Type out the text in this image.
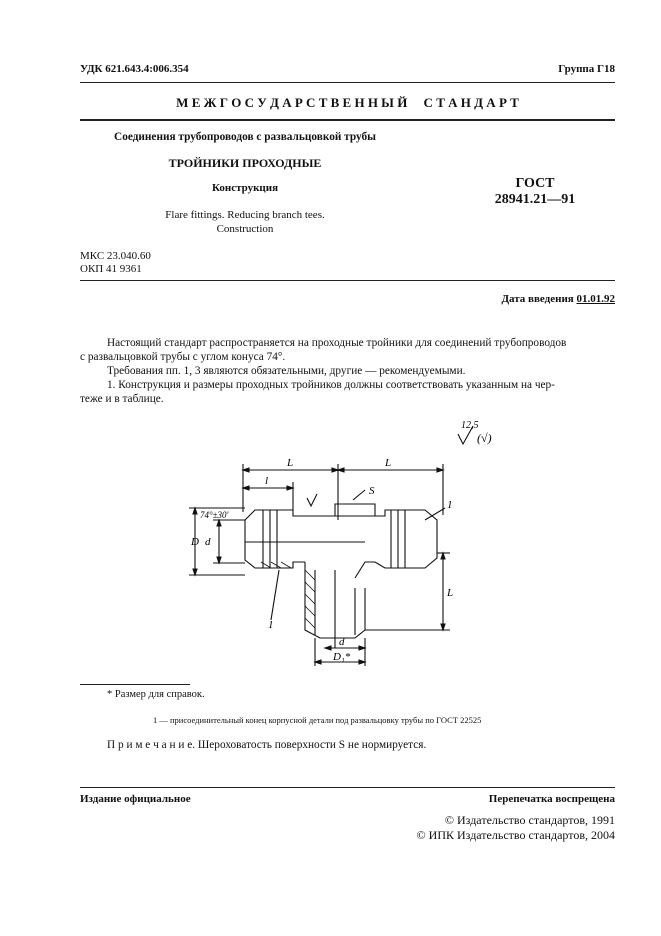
УДК 621.643.4:006.354	Группа Г18
М Е Ж Г О С У Д А Р С Т В Е Н Н Ы Й     С Т А Н Д А Р Т
Соединения трубопроводов с развальцовкой трубы
ТРОЙНИКИ ПРОХОДНЫЕ
Конструкция
Flare fittings. Reducing branch tees.
Construction
ГОСТ
28941.21—91
МКС 23.040.60
ОКП 41 9361
Дата введения 01.01.92
Настоящий стандарт распространяется на проходные тройники для соединений трубопроводов
с развальцовкой трубы с углом конуса 74°.
Требования пп. 1, 3 являются обязательными, другие — рекомендуемыми.
1. Конструкция и размеры проходных тройников должны соответствовать указанным на чер-
теже и в таблице.
12,5
(√)
L	L
l
S
74°±30'
D d
1
1
L
d
D₁*
* Размер для справок.
1 — присоединительный конец корпусной детали под развальцовку трубы по ГОСТ 22525
П р и м е ч а н и е. Шероховатость поверхности S не нормируется.
Издание официальное	Перепечатка воспрещена
© Издательство стандартов, 1991
© ИПК Издательство стандартов, 2004
